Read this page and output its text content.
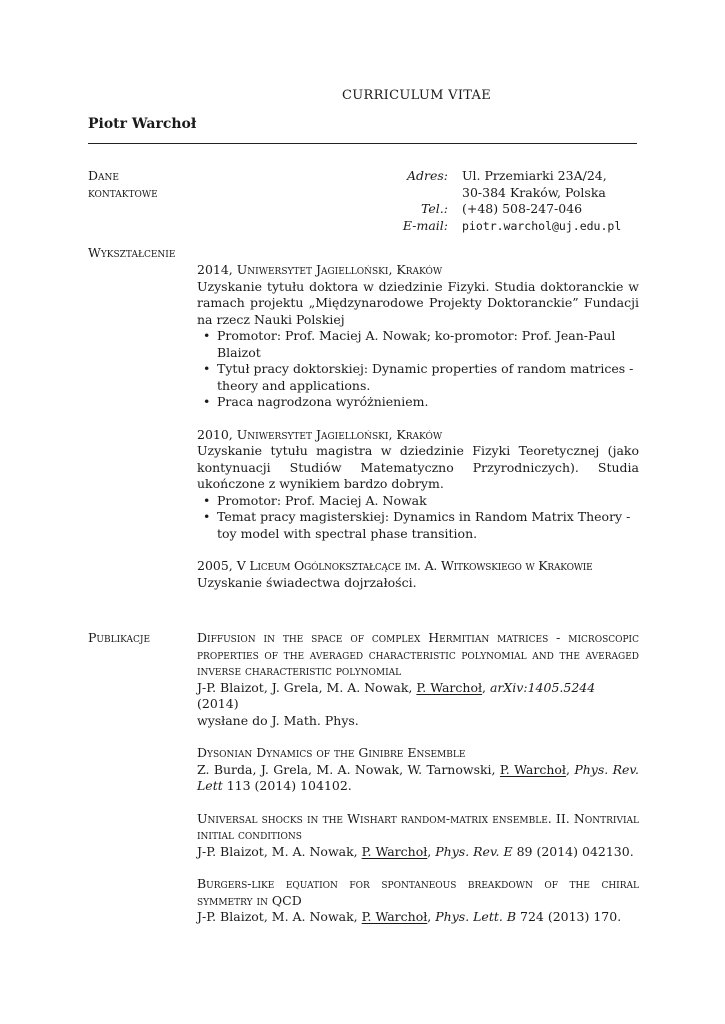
CURRICULUM VITAE
Piotr Warchoł
Dane
kontaktowe
Adres:	Ul. Przemiarki 23A/24,
30-384 Kraków, Polska
Tel.:	(+48) 508-247-046
E-mail:	piotr.warchol@uj.edu.pl
Wykształcenie
2014, Uniwersytet Jagielloński, Kraków
Uzyskanie tytułu doktora w dziedzinie Fizyki. Studia doktoranckie w ramach projektu „Międzynarodowe Projekty Doktoranckie” Fundacji na rzecz Nauki Polskiej
• Promotor: Prof. Maciej A. Nowak; ko-promotor: Prof. Jean-Paul Blaizot
• Tytuł pracy doktorskiej: Dynamic properties of random matrices - theory and applications.
• Praca nagrodzona wyróżnieniem.
2010, Uniwersytet Jagielloński, Kraków
Uzyskanie tytułu magistra w dziedzinie Fizyki Teoretycznej (jako kontynuacji Studiów Matematyczno Przyrodniczych). Studia ukończone z wynikiem bardzo dobrym.
• Promotor: Prof. Maciej A. Nowak
• Temat pracy magisterskiej: Dynamics in Random Matrix Theory - toy model with spectral phase transition.
2005, V Liceum Ogólnokształcące im. A. Witkowskiego w Krakowie
Uzyskanie świadectwa dojrzałości.
Publikacje	Diffusion in the space of complex Hermitian matrices - microscopic properties of the averaged characteristic polynomial and the averaged inverse characteristic polynomial
J-P. Blaizot, J. Grela, M. A. Nowak, P. Warchoł, arXiv:1405.5244 (2014)
wysłane do J. Math. Phys.
Dysonian Dynamics of the Ginibre Ensemble
Z. Burda, J. Grela, M. A. Nowak, W. Tarnowski, P. Warchoł, Phys. Rev. Lett 113 (2014) 104102.
Universal shocks in the Wishart random-matrix ensemble. II. Nontrivial initial conditions
J-P. Blaizot, M. A. Nowak, P. Warchoł, Phys. Rev. E 89 (2014) 042130.
Burgers-like equation for spontaneous breakdown of the chiral symmetry in QCD
J-P. Blaizot, M. A. Nowak, P. Warchoł, Phys. Lett. B 724 (2013) 170.
